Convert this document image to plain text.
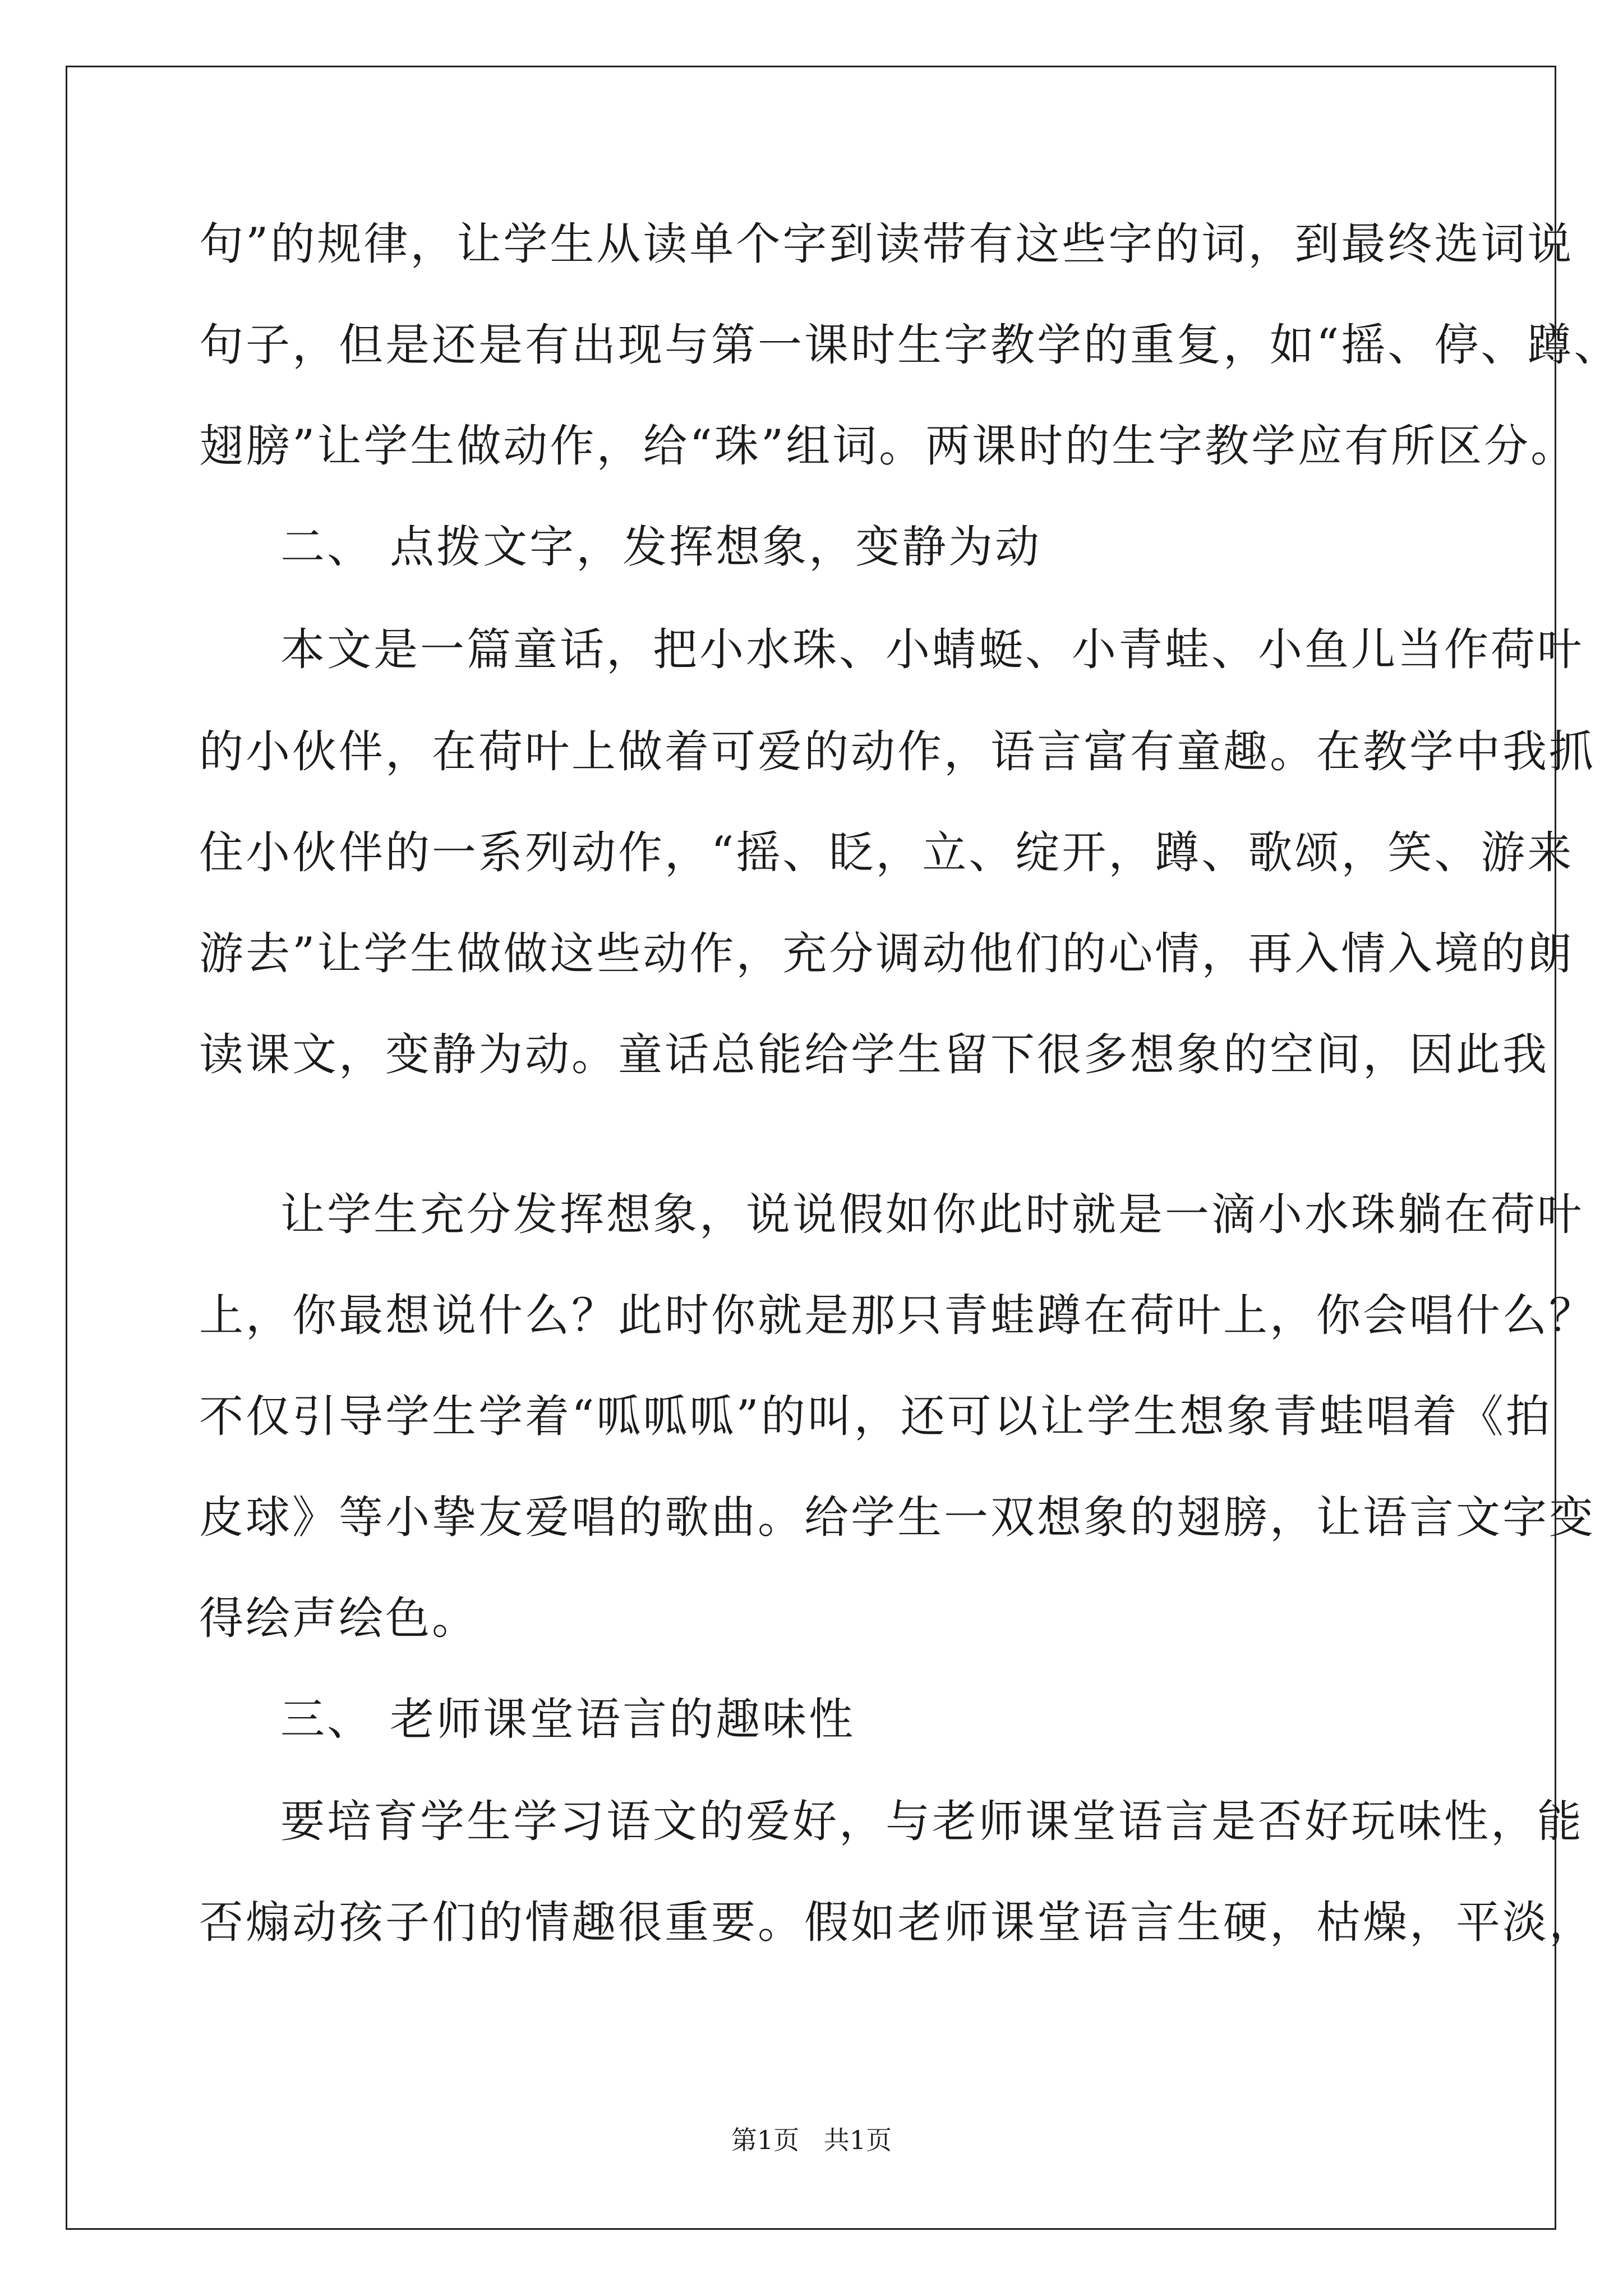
句”的规律，让学生从读单个字到读带有这些字的词，到最终选词说
句子，但是还是有出现与第一课时生字教学的重复，如“摇、停、蹲、
翅膀”让学生做动作，给“珠”组词。两课时的生字教学应有所区分。
二、 点拨文字，发挥想象，变静为动
本文是一篇童话，把小水珠、小蜻蜓、小青蛙、小鱼儿当作荷叶
的小伙伴，在荷叶上做着可爱的动作，语言富有童趣。在教学中我抓
住小伙伴的一系列动作，“摇、眨，立、绽开，蹲、歌颂，笑、游来
游去”让学生做做这些动作，充分调动他们的心情，再入情入境的朗
读课文，变静为动。童话总能给学生留下很多想象的空间，因此我
让学生充分发挥想象，说说假如你此时就是一滴小水珠躺在荷叶
上，你最想说什么？此时你就是那只青蛙蹲在荷叶上，你会唱什么？
不仅引导学生学着“呱呱呱”的叫，还可以让学生想象青蛙唱着《拍
皮球》等小挚友爱唱的歌曲。给学生一双想象的翅膀，让语言文字变
得绘声绘色。
三、 老师课堂语言的趣味性
要培育学生学习语文的爱好，与老师课堂语言是否好玩味性，能
否煽动孩子们的情趣很重要。假如老师课堂语言生硬，枯燥，平淡，
第1页   共1页
